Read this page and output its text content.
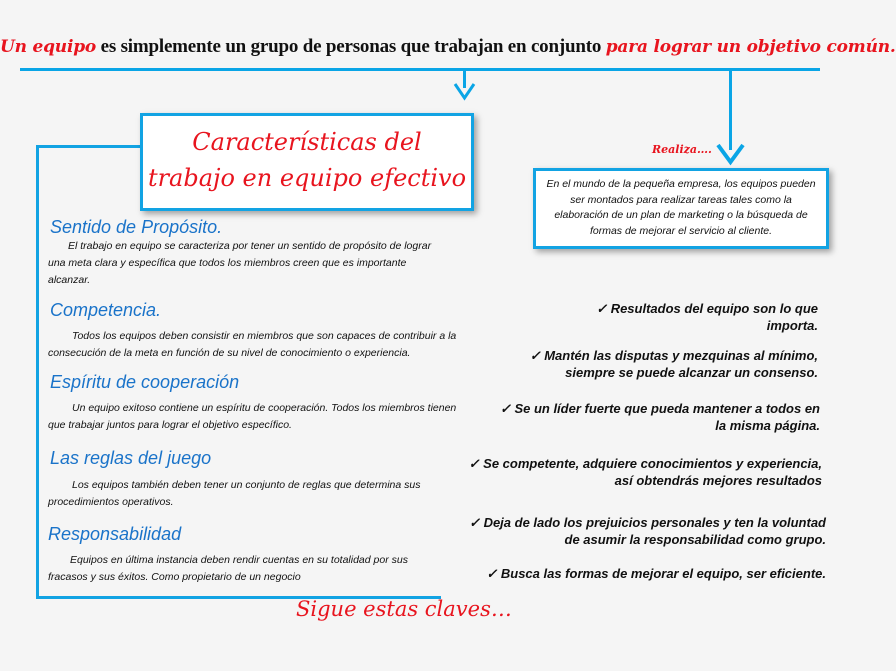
Un equipo es simplemente un grupo de personas que trabajan en conjunto para lograr un objetivo común.
Características del
trabajo en equipo efectivo
Realiza….
En el mundo de la pequeña empresa, los equipos pueden ser montados para realizar tareas tales como la elaboración de un plan de marketing o la búsqueda de formas de mejorar el servicio al cliente.
Sentido de Propósito.
El trabajo en equipo se caracteriza por tener un sentido de propósito de lograr una meta clara y específica que todos los miembros creen que es importante alcanzar.
Competencia.
Todos los equipos deben consistir en miembros que son capaces de contribuir a la consecución de la meta en función de su nivel de conocimiento o experiencia.
Espíritu de cooperación
Un equipo exitoso contiene un espíritu de cooperación. Todos los miembros tienen que trabajar juntos para lograr el objetivo específico.
Las reglas del juego
Los equipos también deben tener un conjunto de reglas que determina sus procedimientos operativos.
Responsabilidad
Equipos en última instancia deben rendir cuentas en su totalidad por sus fracasos y sus éxitos. Como propietario de un negocio
✓ Resultados del equipo son lo que
importa.
✓ Mantén las disputas y mezquinas al mínimo,
siempre se puede alcanzar un consenso.
✓ Se un líder fuerte que pueda mantener a todos en
la misma página.
✓ Se competente, adquiere conocimientos y experiencia,
así obtendrás mejores resultados
✓ Deja de lado los prejuicios personales y ten la voluntad
de asumir la responsabilidad como grupo.
✓ Busca las formas de mejorar el equipo, ser eficiente.
Sigue estas claves…
